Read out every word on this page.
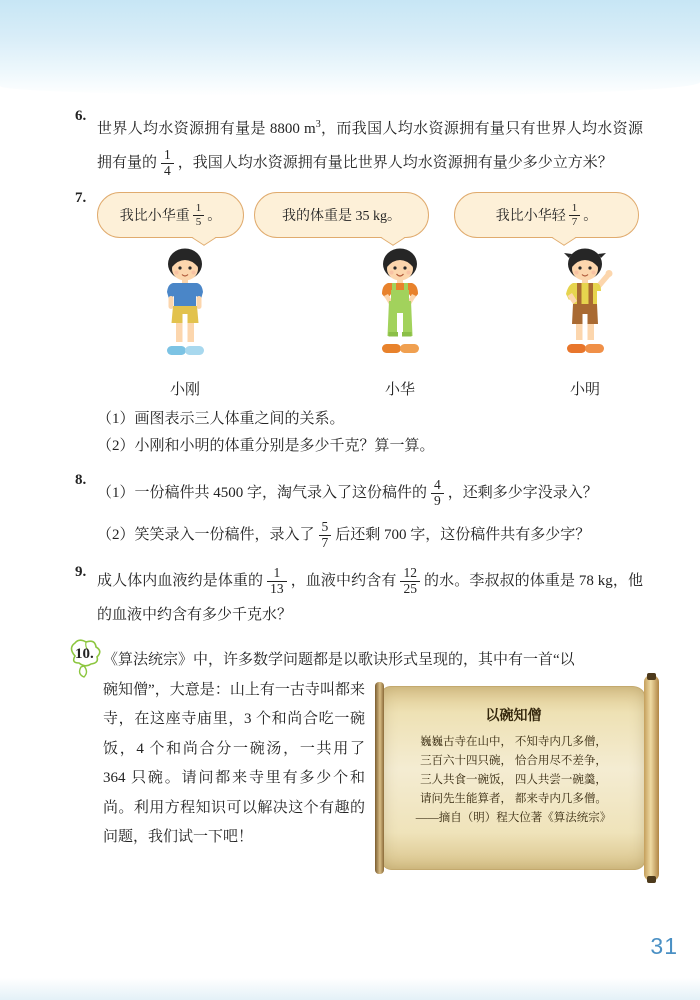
6.
世界人均水资源拥有量是 8800 $m^3$，而我国人均水资源拥有量只有世界人均水资源拥有量的 $\frac{1}{4}$ ，我国人均水资源拥有量比世界人均水资源拥有量少多少立方米？
7.
我比小华重 $\frac{1}{5}$ 。	我的体重是 35 kg。	我比小华轻 $\frac{1}{7}$ 。
小刚	小华	小明
（1）画图表示三人体重之间的关系。
（2）小刚和小明的体重分别是多少千克？算一算。
8.
（1）一份稿件共 4500 字，淘气录入了这份稿件的 $\frac{4}{9}$ ，还剩多少字没录入？
（2）笑笑录入一份稿件，录入了 $\frac{5}{7}$ 后还剩 700 字，这份稿件共有多少字？
9.
成人体内血液约是体重的 $\frac{1}{13}$ ，血液中约含有 $\frac{12}{25}$ 的水。李叔叔的体重是 78 kg，他的血液中约含有多少千克水？
10. 《算法统宗》中，许多数学问题都是以歌诀形式呈现的，其中有一首“以
碗知僧”，大意是：山上有一古寺叫都来寺，在这座寺庙里，3 个和尚合吃一碗饭，4 个和尚合分一碗汤，一共用了 364 只碗。请问都来寺里有多少个和尚。利用方程知识可以解决这个有趣的问题，我们试一下吧！
以碗知僧
巍巍古寺在山中， 不知寺内几多僧，
三百六十四只碗， 恰合用尽不差争，
三人共食一碗饭， 四人共尝一碗羹，
请问先生能算者， 都来寺内几多僧。
——摘自（明）程大位著《算法统宗》
31
